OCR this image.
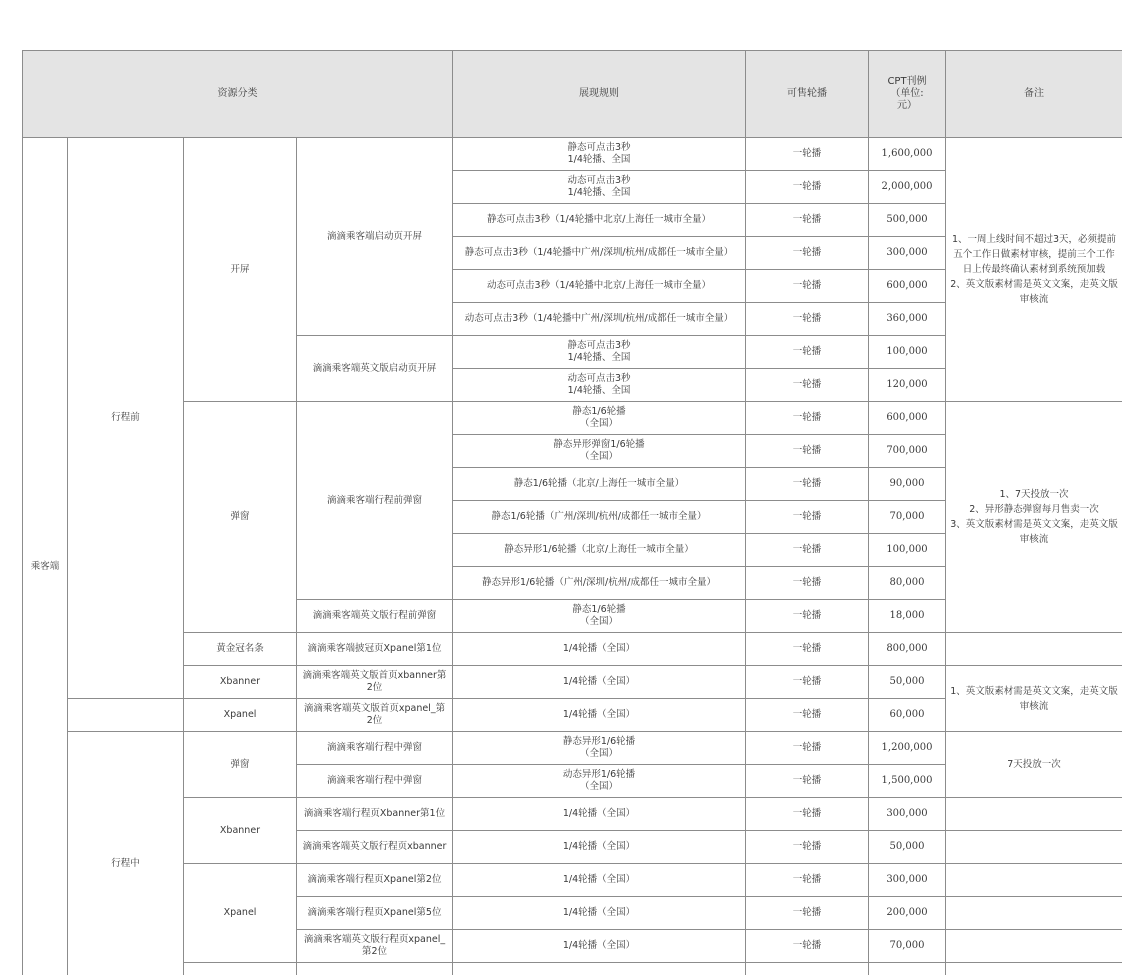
资源分类				展现规则	可售轮播	CPT刊例
（单位:
元）	备注	
乘客端	行程前	开屏	滴滴乘客端启动页开屏	静态可点击3秒
1/4轮播、全国	一轮播	1,600,000	1、一周上线时间不超过3天，必须提前五个工作日做素材审核，提前三个工作日上传最终确认素材到系统预加载
2、英文版素材需是英文文案，走英文版审核流	

				动态可点击3秒
1/4轮播、全国	一轮播	2,000,000		
				静态可点击3秒（1/4轮播中北京/上海任一城市全量）	一轮播	500,000		
				静态可点击3秒（1/4轮播中广州/深圳/杭州/成都任一城市全量）	一轮播	300,000		
				动态可点击3秒（1/4轮播中北京/上海任一城市全量）	一轮播	600,000		
				动态可点击3秒（1/4轮播中广州/深圳/杭州/成都任一城市全量）	一轮播	360,000		
			滴滴乘客端英文版启动页开屏	静态可点击3秒
1/4轮播、全国	一轮播	100,000		

				动态可点击3秒
1/4轮播、全国	一轮播	120,000		
		弹窗	滴滴乘客端行程前弹窗	静态1/6轮播
（全国）	一轮播	600,000	1、7天投放一次
2、异形静态弹窗每月售卖一次
3、英文版素材需是英文文案，走英文版审核流	

				静态异形弹窗1/6轮播
（全国）	一轮播	700,000		
				静态1/6轮播（北京/上海任一城市全量）	一轮播	90,000		
				静态1/6轮播（广州/深圳/杭州/成都任一城市全量）	一轮播	70,000		
				静态异形1/6轮播（北京/上海任一城市全量）	一轮播	100,000		
				静态异形1/6轮播（广州/深圳/杭州/成都任一城市全量）	一轮播	80,000		
			滴滴乘客端英文版行程前弹窗	静态1/6轮播
（全国）	一轮播	18,000		
		黄金冠名条	滴滴乘客端披冠页Xpanel第1位	1/4轮播（全国）	一轮播	800,000		
		Xbanner	滴滴乘客端英文版首页xbanner第2位	1/4轮播（全国）	一轮播	50,000	1、英文版素材需是英文文案，走英文版审核流	
		Xpanel	滴滴乘客端英文版首页xpanel_第2位	1/4轮播（全国）	一轮播	60,000		
	行程中	弹窗	滴滴乘客端行程中弹窗	静态异形1/6轮播
（全国）	一轮播	1,200,000	7天投放一次	
			滴滴乘客端行程中弹窗	动态异形1/6轮播
（全国）	一轮播	1,500,000		
		Xbanner	滴滴乘客端行程页Xbanner第1位	1/4轮播（全国）	一轮播	300,000		
			滴滴乘客端英文版行程页xbanner	1/4轮播（全国）	一轮播	50,000		
		Xpanel	滴滴乘客端行程页Xpanel第2位	1/4轮播（全国）	一轮播	300,000		
			滴滴乘客端行程页Xpanel第5位	1/4轮播（全国）	一轮播	200,000		
			滴滴乘客端英文版行程页xpanel_第2位	1/4轮播（全国）	一轮播	70,000		
